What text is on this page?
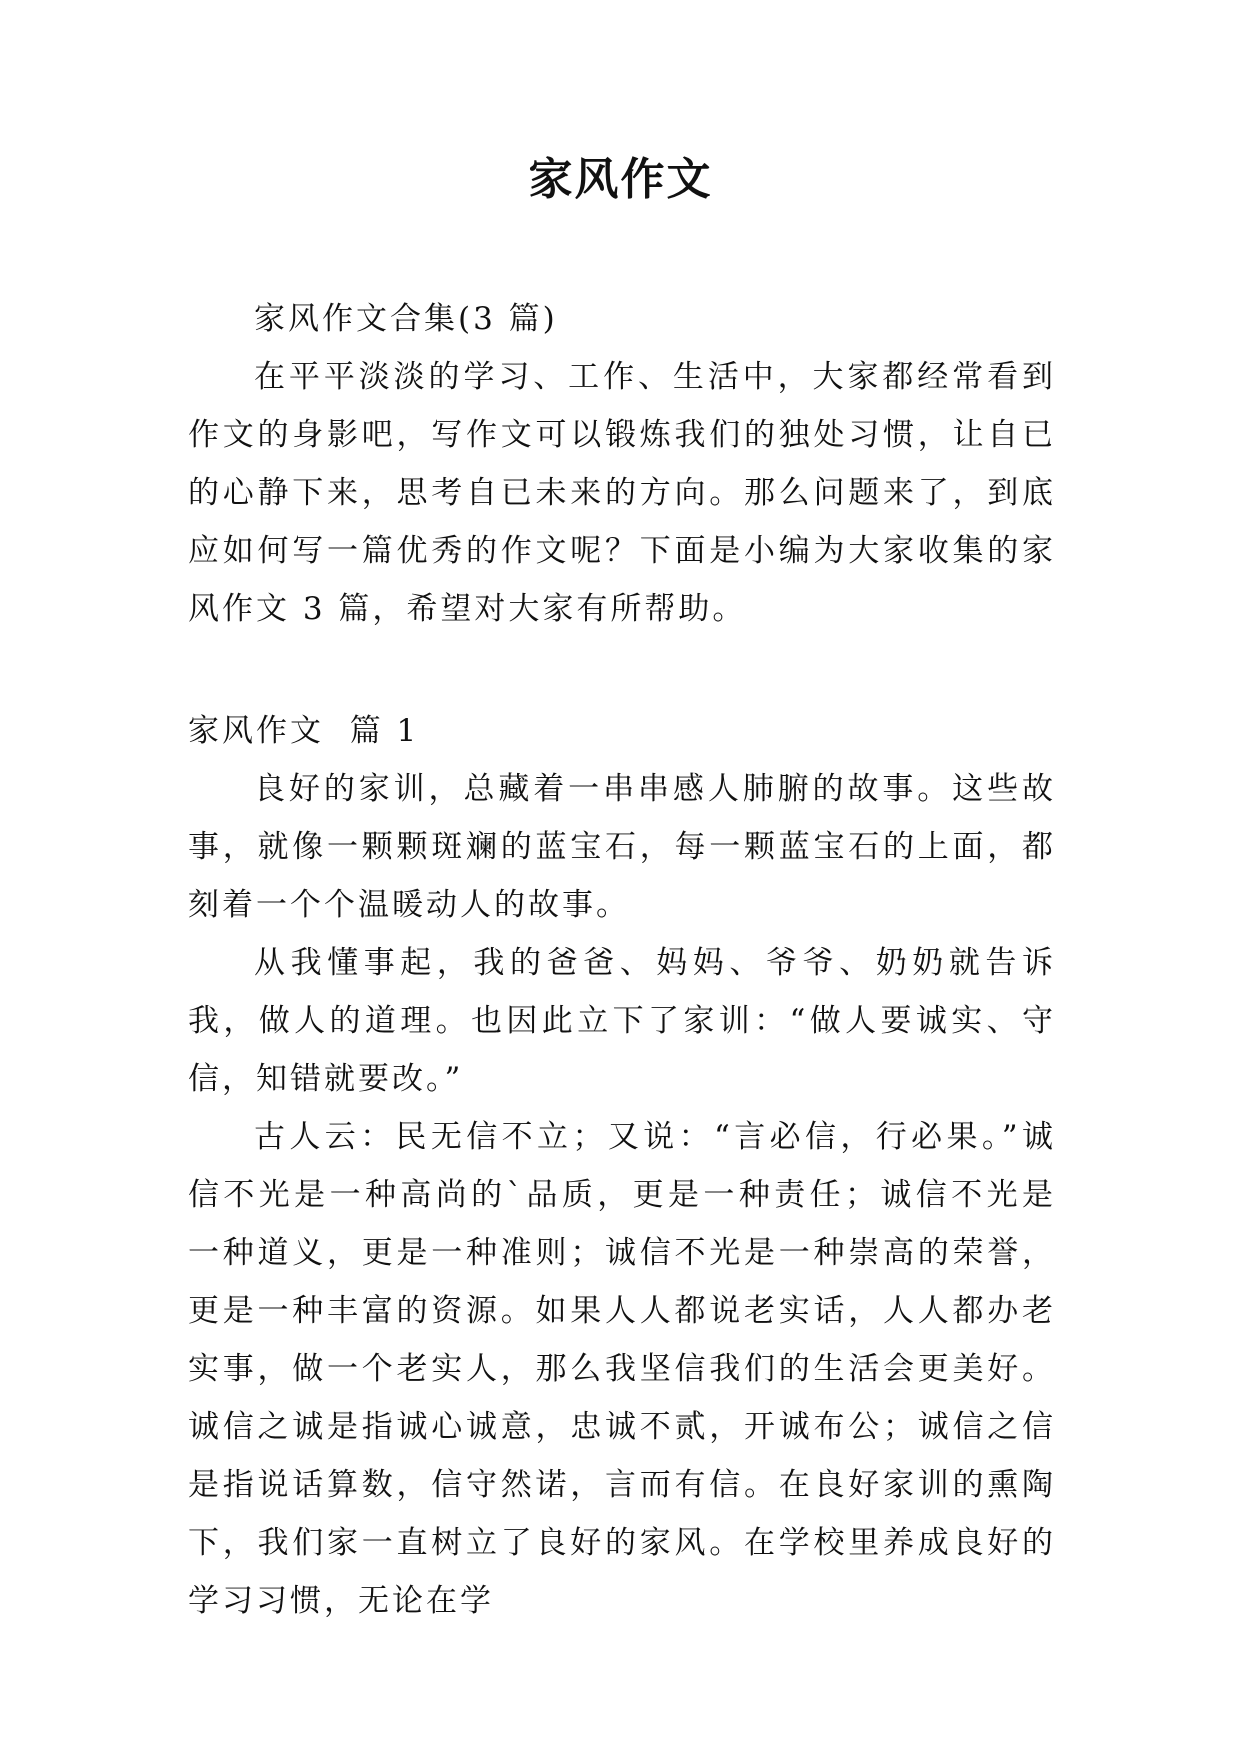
家风作文

家风作文合集(3 篇)

在平平淡淡的学习、工作、生活中，大家都经常看到作文的身影吧，写作文可以锻炼我们的独处习惯，让自已的心静下来，思考自已未来的方向。那么问题来了，到底应如何写一篇优秀的作文呢？下面是小编为大家收集的家风作文 3 篇，希望对大家有所帮助。

家风作文  篇 1

良好的家训，总藏着一串串感人肺腑的故事。这些故事，就像一颗颗斑斓的蓝宝石，每一颗蓝宝石的上面，都刻着一个个温暖动人的故事。

从我懂事起，我的爸爸、妈妈、爷爷、奶奶就告诉我，做人的道理。也因此立下了家训：“做人要诚实、守信，知错就要改。”

古人云：民无信不立；又说：“言必信，行必果。”诚信不光是一种高尚的`品质，更是一种责任；诚信不光是一种道义，更是一种准则；诚信不光是一种崇高的荣誉，更是一种丰富的资源。如果人人都说老实话，人人都办老实事，做一个老实人，那么我坚信我们的生活会更美好。诚信之诚是指诚心诚意，忠诚不贰，开诚布公；诚信之信是指说话算数，信守然诺，言而有信。在良好家训的熏陶下，我们家一直树立了良好的家风。在学校里养成良好的学习习惯，无论在学
